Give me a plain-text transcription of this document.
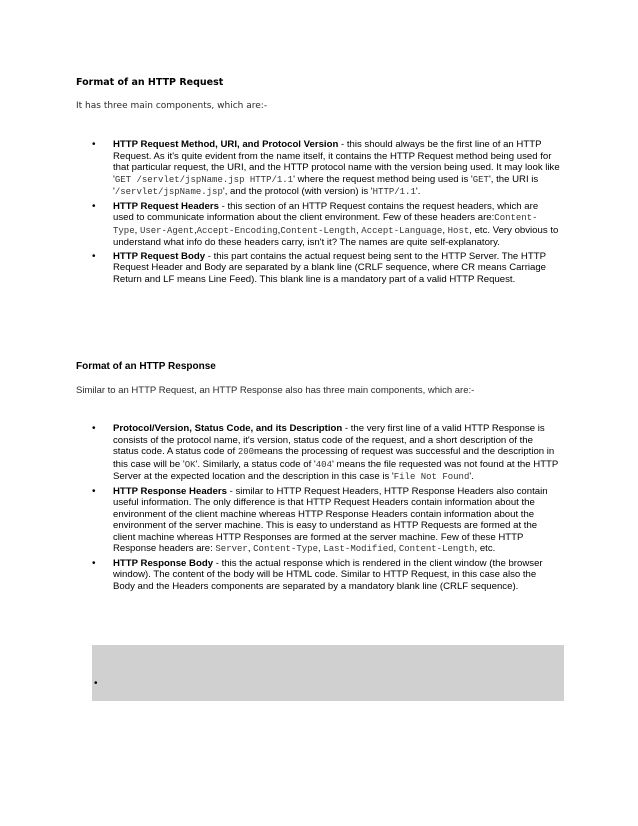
Format of an HTTP Request
It has three main components, which are:-
• HTTP Request Method, URI, and Protocol Version - this should always be the first line of an HTTP Request. As it's quite evident from the name itself, it contains the HTTP Request method being used for that particular request, the URI, and the HTTP protocol name with the version being used. It may look like 'GET /servlet/jspName.jsp HTTP/1.1' where the request method being used is 'GET', the URI is '/servlet/jspName.jsp', and the protocol (with version) is 'HTTP/1.1'.
• HTTP Request Headers - this section of an HTTP Request contains the request headers, which are used to communicate information about the client environment. Few of these headers are:Content-Type, User-Agent,Accept-Encoding,Content-Length, Accept-Language, Host, etc. Very obvious to understand what info do these headers carry, isn't it? The names are quite self-explanatory.
• HTTP Request Body - this part contains the actual request being sent to the HTTP Server. The HTTP Request Header and Body are separated by a blank line (CRLF sequence, where CR means Carriage Return and LF means Line Feed). This blank line is a mandatory part of a valid HTTP Request.
Format of an HTTP Response
Similar to an HTTP Request, an HTTP Response also has three main components, which are:-
• Protocol/Version, Status Code, and its Description - the very first line of a valid HTTP Response is consists of the protocol name, it's version, status code of the request, and a short description of the status code. A status code of 200means the processing of request was successful and the description in this case will be 'OK'. Similarly, a status code of '404' means the file requested was not found at the HTTP Server at the expected location and the description in this case is 'File Not Found'.
• HTTP Response Headers - similar to HTTP Request Headers, HTTP Response Headers also contain useful information. The only difference is that HTTP Request Headers contain information about the environment of the client machine whereas HTTP Response Headers contain information about the environment of the server machine. This is easy to understand as HTTP Requests are formed at the client machine whereas HTTP Responses are formed at the server machine. Few of these HTTP Response headers are: Server, Content-Type, Last-Modified, Content-Length, etc.
• HTTP Response Body - this the actual response which is rendered in the client window (the browser window). The content of the body will be HTML code. Similar to HTTP Request, in this case also the Body and the Headers components are separated by a mandatory blank line (CRLF sequence).
•
